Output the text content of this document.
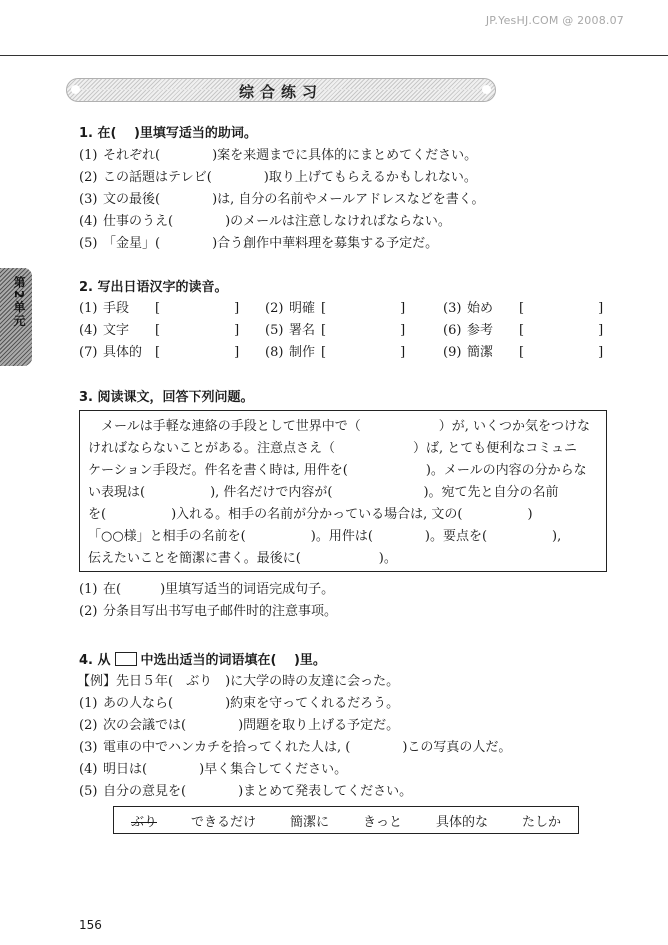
JP.YesHJ.COM @ 2008.07
综合练习
第2单元
1. 在(　 )里填写适当的助词。
(1) それぞれ(　　　　)案を来週までに具体的にまとめてください。
(2) この話題はテレビ(　　　　)取り上げてもらえるかもしれない。
(3) 文の最後(　　　　)は, 自分の名前やメールアドレスなどを書く。
(4) 仕事のうえ(　　　　)のメールは注意しなければならない。
(5) 「金星」(　　　　)合う創作中華料理を募集する予定だ。
2. 写出日语汉字的读音。
(1) 手段 [	] (2) 明確 [	]	(3) 始め [	]
(4) 文字 [	] (5) 署名 [	]	(6) 参考 [	]
(7) 具体的 [	] (8) 制作 [	]	(9) 簡潔 [	]
3. 阅读课文，回答下列问题。
　メールは手軽な連絡の手段として世界中で（　　　　　　）が, いくつか気をつけな
ければならないことがある。注意点さえ（　　　　　　）ば, とても便利なコミュニ
ケーション手段だ。件名を書く時は, 用件を(　　　　　　)。メールの内容の分からな
い表現は(　　　　　), 件名だけで内容が(　　　　　　　)。宛て先と自分の名前
を(　　　　　)入れる。相手の名前が分かっている場合は, 文の(　　　　　)
「○○様」と相手の名前を(　　　　　)。用件は(　　　　)。要点を(　　　　　),
伝えたいことを簡潔に書く。最後に(　　　　　　)。
(1) 在(　　　)里填写适当的词语完成句子。
(2) 分条目写出书写电子邮件时的注意事项。
4. 从 中选出适当的词语填在(　 )里。
【例】先日５年(　ぶり　)に大学の時の友達に会った。
(1) あの人なら(　　　　)約束を守ってくれるだろう。
(2) 次の会議では(　　　　)問題を取り上げる予定だ。
(3) 電車の中でハンカチを拾ってくれた人は, (　　　　)この写真の人だ。
(4) 明日は(　　　　)早く集合してください。
(5) 自分の意見を(　　　　)まとめて発表してください。
ぶり	できるだけ	簡潔に	きっと	具体的な	たしか
156
